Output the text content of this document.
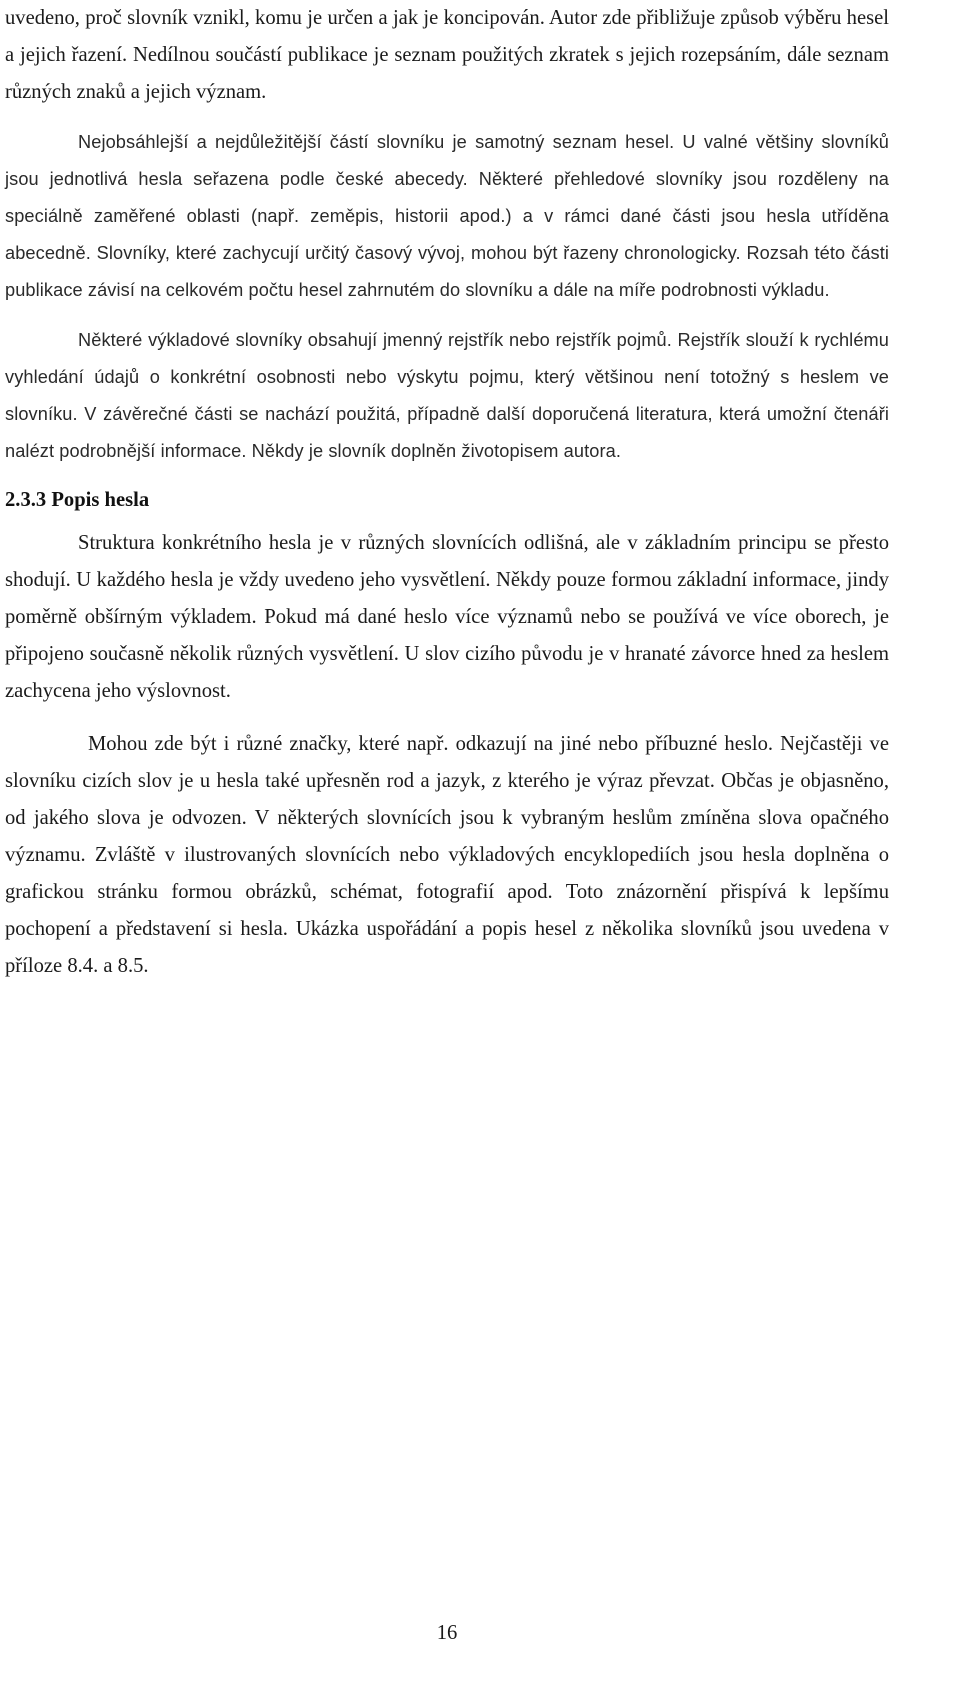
uvedeno, proč slovník vznikl, komu je určen a jak je koncipován. Autor zde přibližuje způsob výběru hesel a jejich řazení. Nedílnou součástí publikace je seznam použitých zkratek s jejich rozepsáním, dále seznam různých znaků a jejich význam.

Nejobsáhlejší a nejdůležitější částí slovníku je samotný seznam hesel. U valné většiny slovníků jsou jednotlivá hesla seřazena podle české abecedy. Některé přehledové slovníky jsou rozděleny na speciálně zaměřené oblasti (např. zeměpis, historii apod.) a v rámci dané části jsou hesla utříděna abecedně. Slovníky, které zachycují určitý časový vývoj, mohou být řazeny chronologicky. Rozsah této části publikace závisí na celkovém počtu hesel zahrnutém do slovníku a dále na míře podrobnosti výkladu.

Některé výkladové slovníky obsahují jmenný rejstřík nebo rejstřík pojmů. Rejstřík slouží k rychlému vyhledání údajů o konkrétní osobnosti nebo výskytu pojmu, který většinou není totožný s heslem ve slovníku. V závěrečné části se nachází použitá, případně další doporučená literatura, která umožní čtenáři nalézt podrobnější informace. Někdy je slovník doplněn životopisem autora.

2.3.3 Popis hesla

Struktura konkrétního hesla je v různých slovnících odlišná, ale v základním principu se přesto shodují. U každého hesla je vždy uvedeno jeho vysvětlení. Někdy pouze formou základní informace, jindy poměrně obšírným výkladem. Pokud má dané heslo více významů nebo se používá ve více oborech, je připojeno současně několik různých vysvětlení. U slov cizího původu je v hranaté závorce hned za heslem zachycena jeho výslovnost.

Mohou zde být i různé značky, které např. odkazují na jiné nebo příbuzné heslo. Nejčastěji ve slovníku cizích slov je u hesla také upřesněn rod a jazyk, z kterého je výraz převzat. Občas je objasněno, od jakého slova je odvozen. V některých slovnících jsou k vybraným heslům zmíněna slova opačného významu. Zvláště v ilustrovaných slovnících nebo výkladových encyklopediích jsou hesla doplněna o grafickou stránku formou obrázků, schémat, fotografií apod. Toto znázornění přispívá k lepšímu pochopení a představení si hesla. Ukázka uspořádání a popis hesel z několika slovníků jsou uvedena v příloze 8.4. a 8.5.

16
